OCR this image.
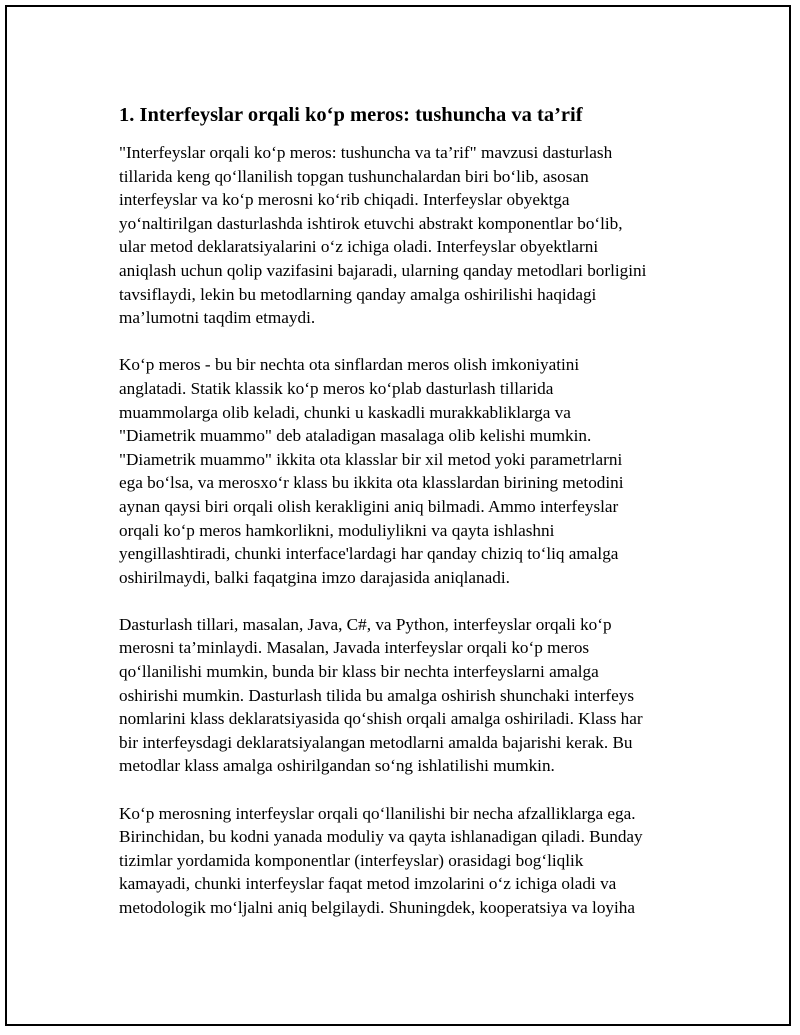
1. Interfeyslar orqali koʻp meros: tushuncha va ta’rif
"Interfeyslar orqali koʻp meros: tushuncha va ta’rif" mavzusi dasturlash
tillarida keng qoʻllanilish topgan tushunchalardan biri boʻlib, asosan
interfeyslar va koʻp merosni koʻrib chiqadi. Interfeyslar obyektga
yoʻnaltirilgan dasturlashda ishtirok etuvchi abstrakt komponentlar boʻlib,
ular metod deklaratsiyalarini oʻz ichiga oladi. Interfeyslar obyektlarni
aniqlash uchun qolip vazifasini bajaradi, ularning qanday metodlari borligini
tavsiflaydi, lekin bu metodlarning qanday amalga oshirilishi haqidagi
ma’lumotni taqdim etmaydi.
Koʻp meros - bu bir nechta ota sinflardan meros olish imkoniyatini
anglatadi. Statik klassik koʻp meros koʻplab dasturlash tillarida
muammolarga olib keladi, chunki u kaskadli murakkabliklarga va
"Diametrik muammo" deb ataladigan masalaga olib kelishi mumkin.
"Diametrik muammo" ikkita ota klasslar bir xil metod yoki parametrlarni
ega boʻlsa, va merosxoʻr klass bu ikkita ota klasslardan birining metodini
aynan qaysi biri orqali olish kerakligini aniq bilmadi. Ammo interfeyslar
orqali koʻp meros hamkorlikni, moduliylikni va qayta ishlashni
yengillashtiradi, chunki interface'lardagi har qanday chiziq toʻliq amalga
oshirilmaydi, balki faqatgina imzo darajasida aniqlanadi.
Dasturlash tillari, masalan, Java, C#, va Python, interfeyslar orqali koʻp
merosni ta’minlaydi. Masalan, Javada interfeyslar orqali koʻp meros
qoʻllanilishi mumkin, bunda bir klass bir nechta interfeyslarni amalga
oshirishi mumkin. Dasturlash tilida bu amalga oshirish shunchaki interfeys
nomlarini klass deklaratsiyasida qoʻshish orqali amalga oshiriladi. Klass har
bir interfeysdagi deklaratsiyalangan metodlarni amalda bajarishi kerak. Bu
metodlar klass amalga oshirilgandan soʻng ishlatilishi mumkin.
Koʻp merosning interfeyslar orqali qoʻllanilishi bir necha afzalliklarga ega.
Birinchidan, bu kodni yanada moduliy va qayta ishlanadigan qiladi. Bunday
tizimlar yordamida komponentlar (interfeyslar) orasidagi bogʻliqlik
kamayadi, chunki interfeyslar faqat metod imzolarini oʻz ichiga oladi va
metodologik moʻljalni aniq belgilaydi. Shuningdek, kooperatsiya va loyiha
